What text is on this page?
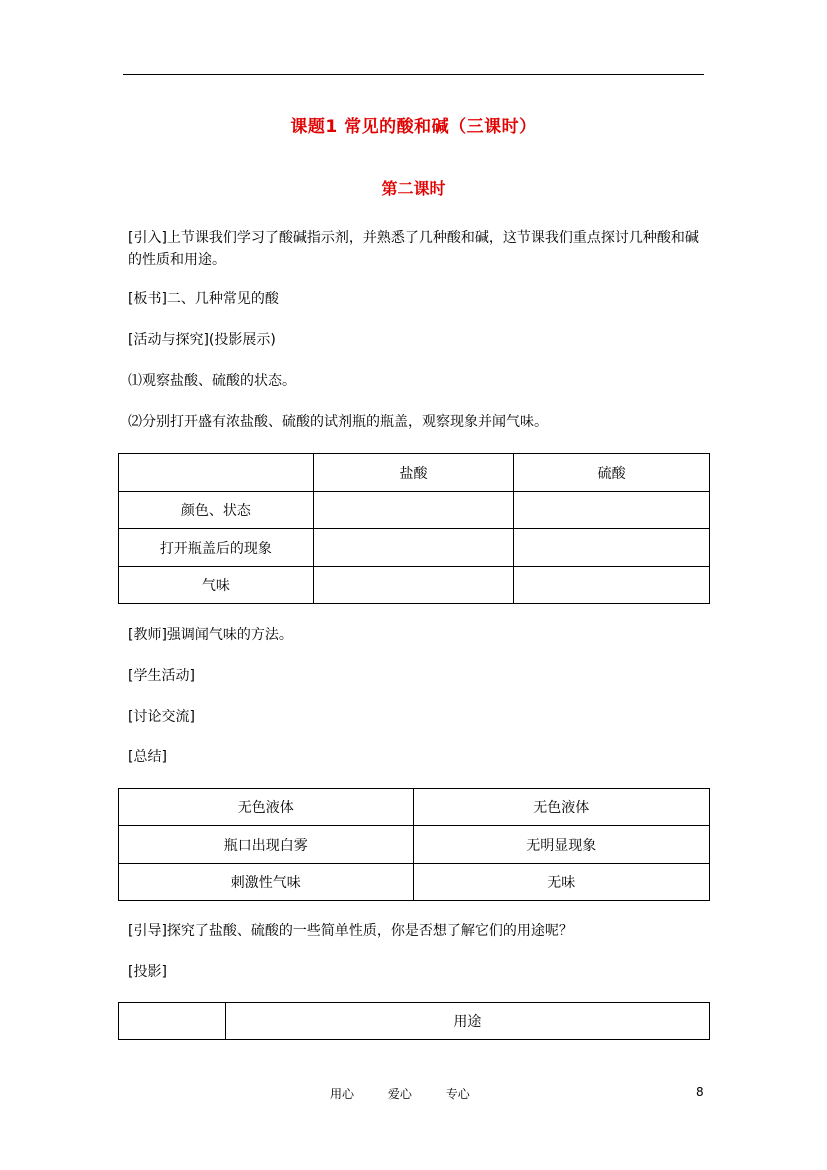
课题1 常见的酸和碱（三课时）
第二课时
[引入]上节课我们学习了酸碱指示剂，并熟悉了几种酸和碱，这节课我们重点探讨几种酸和碱的性质和用途。
[板书]二、几种常见的酸
[活动与探究](投影展示)
⑴观察盐酸、硫酸的状态。
⑵分别打开盛有浓盐酸、硫酸的试剂瓶的瓶盖，观察现象并闻气味。
	盐酸	硫酸
颜色、状态		
打开瓶盖后的现象		
气味		
[教师]强调闻气味的方法。
[学生活动]
[讨论交流]
[总结]
无色液体	无色液体
瓶口出现白雾	无明显现象
刺激性气味	无味
[引导]探究了盐酸、硫酸的一些简单性质，你是否想了解它们的用途呢？
[投影]
	用途
用心	爱心	专心	8
